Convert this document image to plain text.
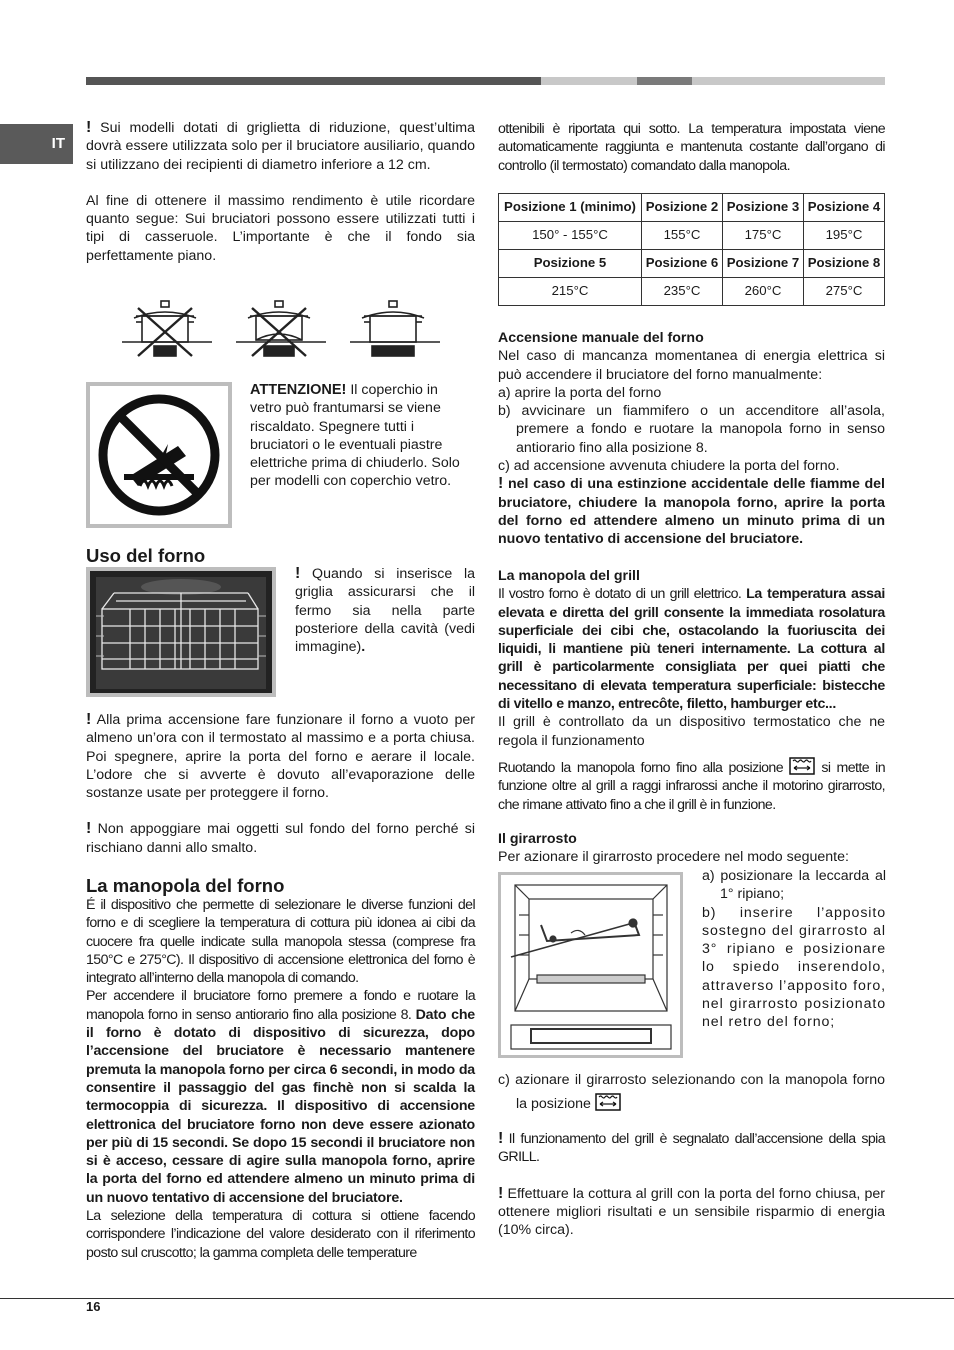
IT

! Sui modelli dotati di griglietta di riduzione, quest’ultima dovrà essere utilizzata solo per il bruciatore ausiliario, quando si utilizzano dei recipienti di diametro inferiore a 12 cm.

Al fine di ottenere il massimo rendimento è utile ricordare quanto segue: Sui bruciatori possono essere utilizzati tutti i tipi di casseruole. L’importante è che il fondo sia perfettamente piano.

ATTENZIONE! Il coperchio in vetro può frantumarsi se viene riscaldato. Spegnere tutti i bruciatori o le eventuali piastre elettriche prima di chiuderlo. Solo per modelli con coperchio vetro.
Uso del forno
! Quando si inserisce la griglia assicurarsi che il fermo sia nella parte posteriore della cavità (vedi immagine).

! Alla prima accensione fare funzionare il forno a vuoto per almeno un’ora con il termostato al massimo e a porta chiusa. Poi spegnere, aprire la porta del forno e aerare il locale. L’odore che si avverte è dovuto all’evaporazione delle sostanze usate per proteggere il forno.

! Non appoggiare mai oggetti sul fondo del forno perché si rischiano danni allo smalto.

La manopola del forno

É il dispositivo che permette di selezionare le diverse funzioni del forno e di scegliere la temperatura di cottura più idonea ai cibi da cuocere fra quelle indicate sulla manopola stessa (comprese fra 150°C e 275°C). Il dispositivo di accensione elettronica del forno è integrato all’interno della manopola di comando.

Per accendere il bruciatore forno premere a fondo e ruotare la manopola forno in senso antiorario fino alla posizione 8. Dato che il forno è dotato di dispositivo di sicurezza, dopo l’accensione del bruciatore è necessario mantenere premuta la manopola forno per circa 6 secondi, in modo da consentire il passaggio del gas finchè non si scalda la termocoppia di sicurezza. Il dispositivo di accensione elettronica del bruciatore forno non deve essere azionato per più di 15 secondi. Se dopo 15 secondi il bruciatore non si è acceso, cessare di agire sulla manopola forno, aprire la porta del forno ed attendere almeno un minuto prima di un nuovo tentativo di accensione del bruciatore.

La selezione della temperatura di cottura si ottiene facendo corrispondere l’indicazione del valore desiderato con il riferimento posto sul cruscotto; la gamma completa delle temperature

ottenibili è riportata qui sotto. La temperatura impostata viene automaticamente raggiunta e mantenuta costante dall’organo di controllo (il termostato) comandato dalla manopola.

Posizione 1 (minimo)	Posizione 2	Posizione 3	Posizione 4
150° - 155°C	155°C	175°C	195°C
Posizione 5	Posizione 6	Posizione 7	Posizione 8
215°C	235°C	260°C	275°C

Accensione manuale del forno

Nel caso di mancanza momentanea di energia elettrica si può accendere il bruciatore del forno manualmente:

a) aprire la porta del forno

b) avvicinare un fiammifero o un accenditore all’asola, premere a fondo e ruotare la manopola forno in senso antiorario fino alla posizione 8.

c) ad accensione avvenuta chiudere la porta del forno.

! nel caso di una estinzione accidentale delle fiamme del bruciatore, chiudere la manopola forno, aprire la porta del forno ed attendere almeno un minuto prima di un nuovo tentativo di accensione del bruciatore.

La manopola del grill

Il vostro forno è dotato di un grill elettrico. La temperatura assai elevata e diretta del grill consente la immediata rosolatura superficiale dei cibi che, ostacolando la fuoriuscita dei liquidi, li mantiene più teneri internamente. La cottura al grill è particolarmente consigliata per quei piatti che necessitano di elevata temperatura superficiale: bistecche di vitello e manzo, entrecôte, filetto, hamburger etc...

Il grill è controllato da un dispositivo termostatico che ne regola il funzionamento

Ruotando la manopola forno fino alla posizione  si mette in funzione oltre al grill a raggi infrarossi anche il motorino girarrosto, che rimane attivato fino a che il grill è in funzione.

Il girarrosto

Per azionare il girarrosto procedere nel modo seguente:

a) posizionare la leccarda al 1° ripiano;

b) inserire l’apposito sostegno del girarrosto al 3° ripiano e posizionare lo spiedo inserendolo, attraverso l’apposito foro, nel girarrosto posizionato nel retro del forno;

c) azionare il girarrosto selezionando con la manopola forno la posizione

! Il funzionamento del grill è segnalato dall’accensione della spia GRILL.

! Effettuare la cottura al grill con la porta del forno chiusa, per ottenere migliori risultati e un sensibile risparmio di energia (10% circa).

16
